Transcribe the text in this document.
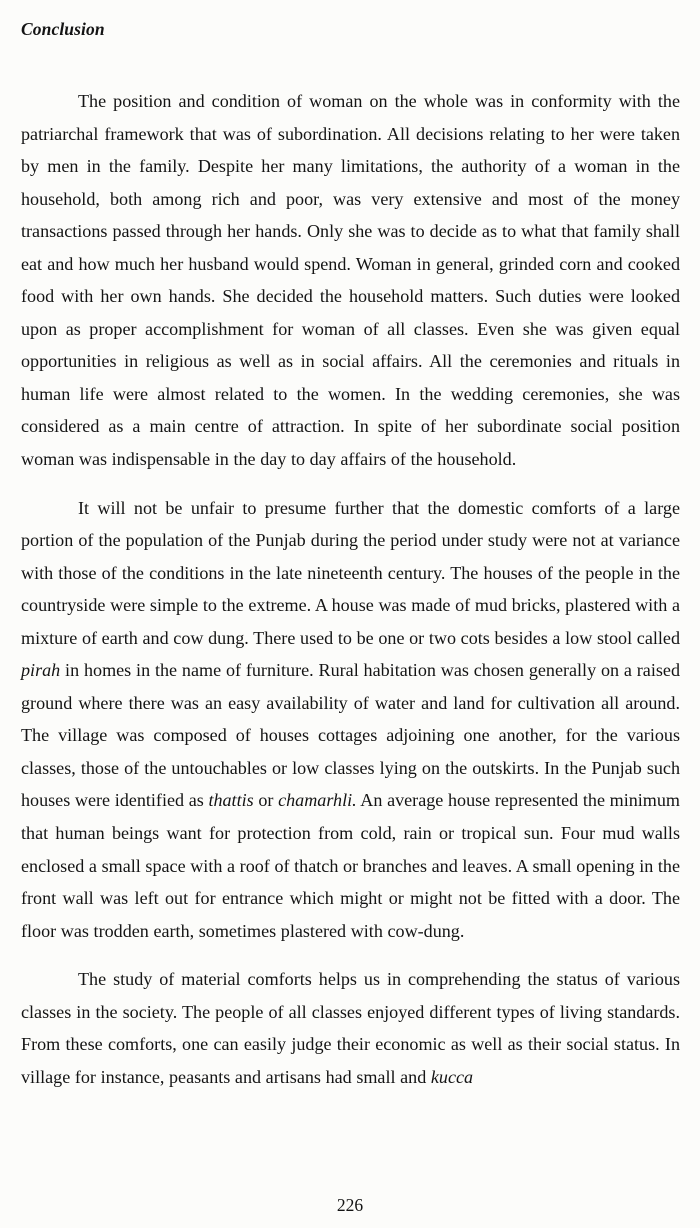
Conclusion

The position and condition of woman on the whole was in conformity with the patriarchal framework that was of subordination. All decisions relating to her were taken by men in the family. Despite her many limitations, the authority of a woman in the household, both among rich and poor, was very extensive and most of the money transactions passed through her hands. Only she was to decide as to what that family shall eat and how much her husband would spend. Woman in general, grinded corn and cooked food with her own hands. She decided the household matters. Such duties were looked upon as proper accomplishment for woman of all classes. Even she was given equal opportunities in religious as well as in social affairs. All the ceremonies and rituals in human life were almost related to the women. In the wedding ceremonies, she was considered as a main centre of attraction. In spite of her subordinate social position woman was indispensable in the day to day affairs of the household.

It will not be unfair to presume further that the domestic comforts of a large portion of the population of the Punjab during the period under study were not at variance with those of the conditions in the late nineteenth century. The houses of the people in the countryside were simple to the extreme. A house was made of mud bricks, plastered with a mixture of earth and cow dung. There used to be one or two cots besides a low stool called pirah in homes in the name of furniture. Rural habitation was chosen generally on a raised ground where there was an easy availability of water and land for cultivation all around. The village was composed of houses cottages adjoining one another, for the various classes, those of the untouchables or low classes lying on the outskirts. In the Punjab such houses were identified as thattis or chamarhli. An average house represented the minimum that human beings want for protection from cold, rain or tropical sun. Four mud walls enclosed a small space with a roof of thatch or branches and leaves. A small opening in the front wall was left out for entrance which might or might not be fitted with a door. The floor was trodden earth, sometimes plastered with cow-dung.

The study of material comforts helps us in comprehending the status of various classes in the society. The people of all classes enjoyed different types of living standards. From these comforts, one can easily judge their economic as well as their social status. In village for instance, peasants and artisans had small and kucca

226
